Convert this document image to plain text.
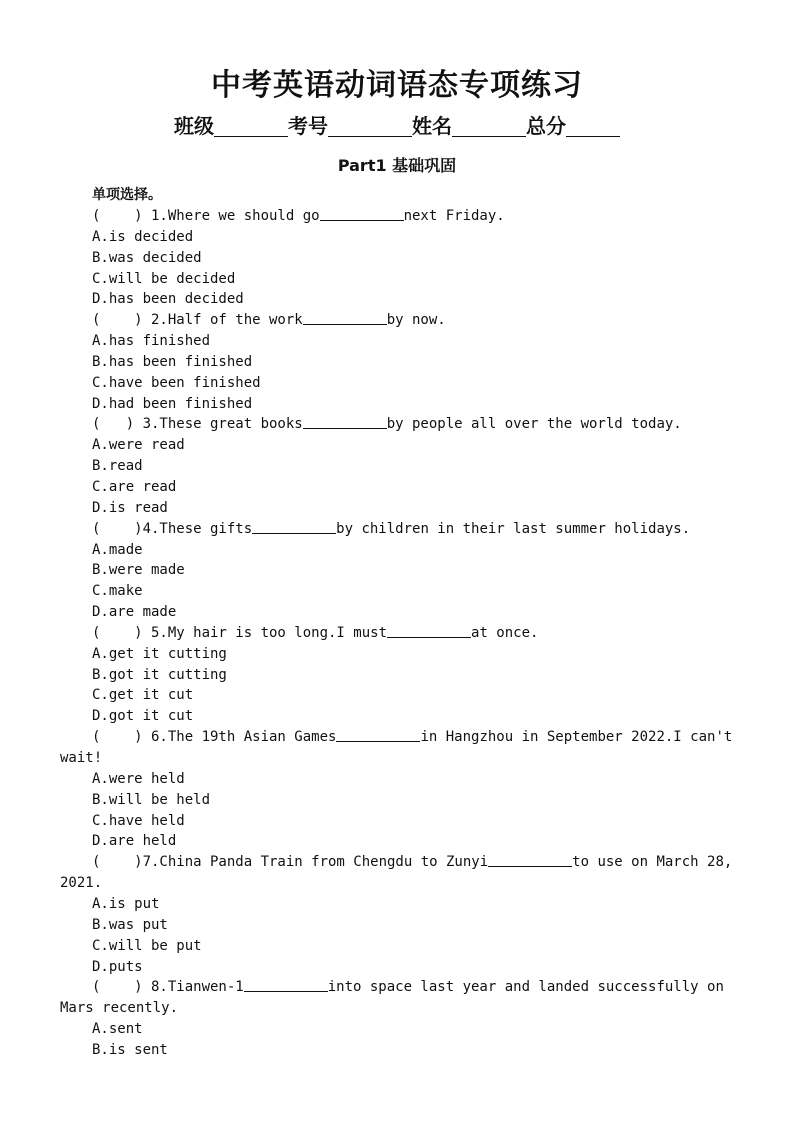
中考英语动词语态专项练习
班级	考号	姓名	总分
Part1 基础巩固
单项选择。
(    ) 1.Where we should go	next Friday.
A.is decided
B.was decided
C.will be decided
D.has been decided
(    ) 2.Half of the work	by now.
A.has finished
B.has been finished
C.have been finished
D.had been finished
(   ) 3.These great books	by people all over the world today.
A.were read
B.read
C.are read
D.is read
(    )4.These gifts	by children in their last summer holidays.
A.made
B.were made
C.make
D.are made
(    ) 5.My hair is too long.I must	at once.
A.get it cutting
B.got it cutting
C.get it cut
D.got it cut
(    ) 6.The 19th Asian Games	in Hangzhou in September 2022.I can't wait!
A.were held
B.will be held
C.have held
D.are held
(    )7.China Panda Train from Chengdu to Zunyi	to use on March 28, 2021.
A.is put
B.was put
C.will be put
D.puts
(    ) 8.Tianwen-1	into space last year and landed successfully on Mars recently.
A.sent
B.is sent
